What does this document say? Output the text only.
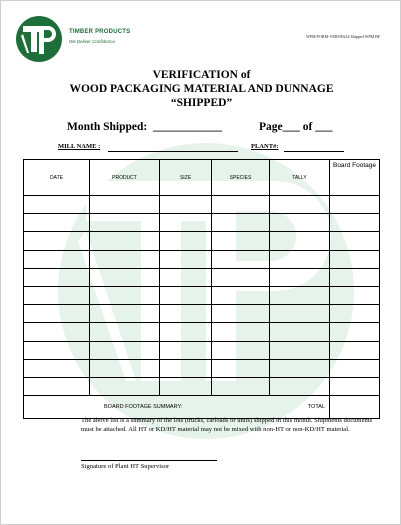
TIMBER PRODUCTS
We Deliver Confidence.
WPM-FORM-VER190214 Shipped WPM BF
VERIFICATION of
WOOD PACKAGING MATERIAL AND DUNNAGE
“SHIPPED”
Month Shipped:  ____________	Page___ of ___
MILL NAME :	PLANT#:
DATE	PRODUCT	SIZE	SPECIES	TALLY	Board Footage

BOARD FOOTAGE SUMMARY: TOTAL					

The above list is a summary of the lots (trucks, carloads or units) shipped in this month. Shipments documents must be attached. All HT or KD/HT material may not be mixed with non-HT or non-KD/HT material.
Signature of Plant HT Supervisor
